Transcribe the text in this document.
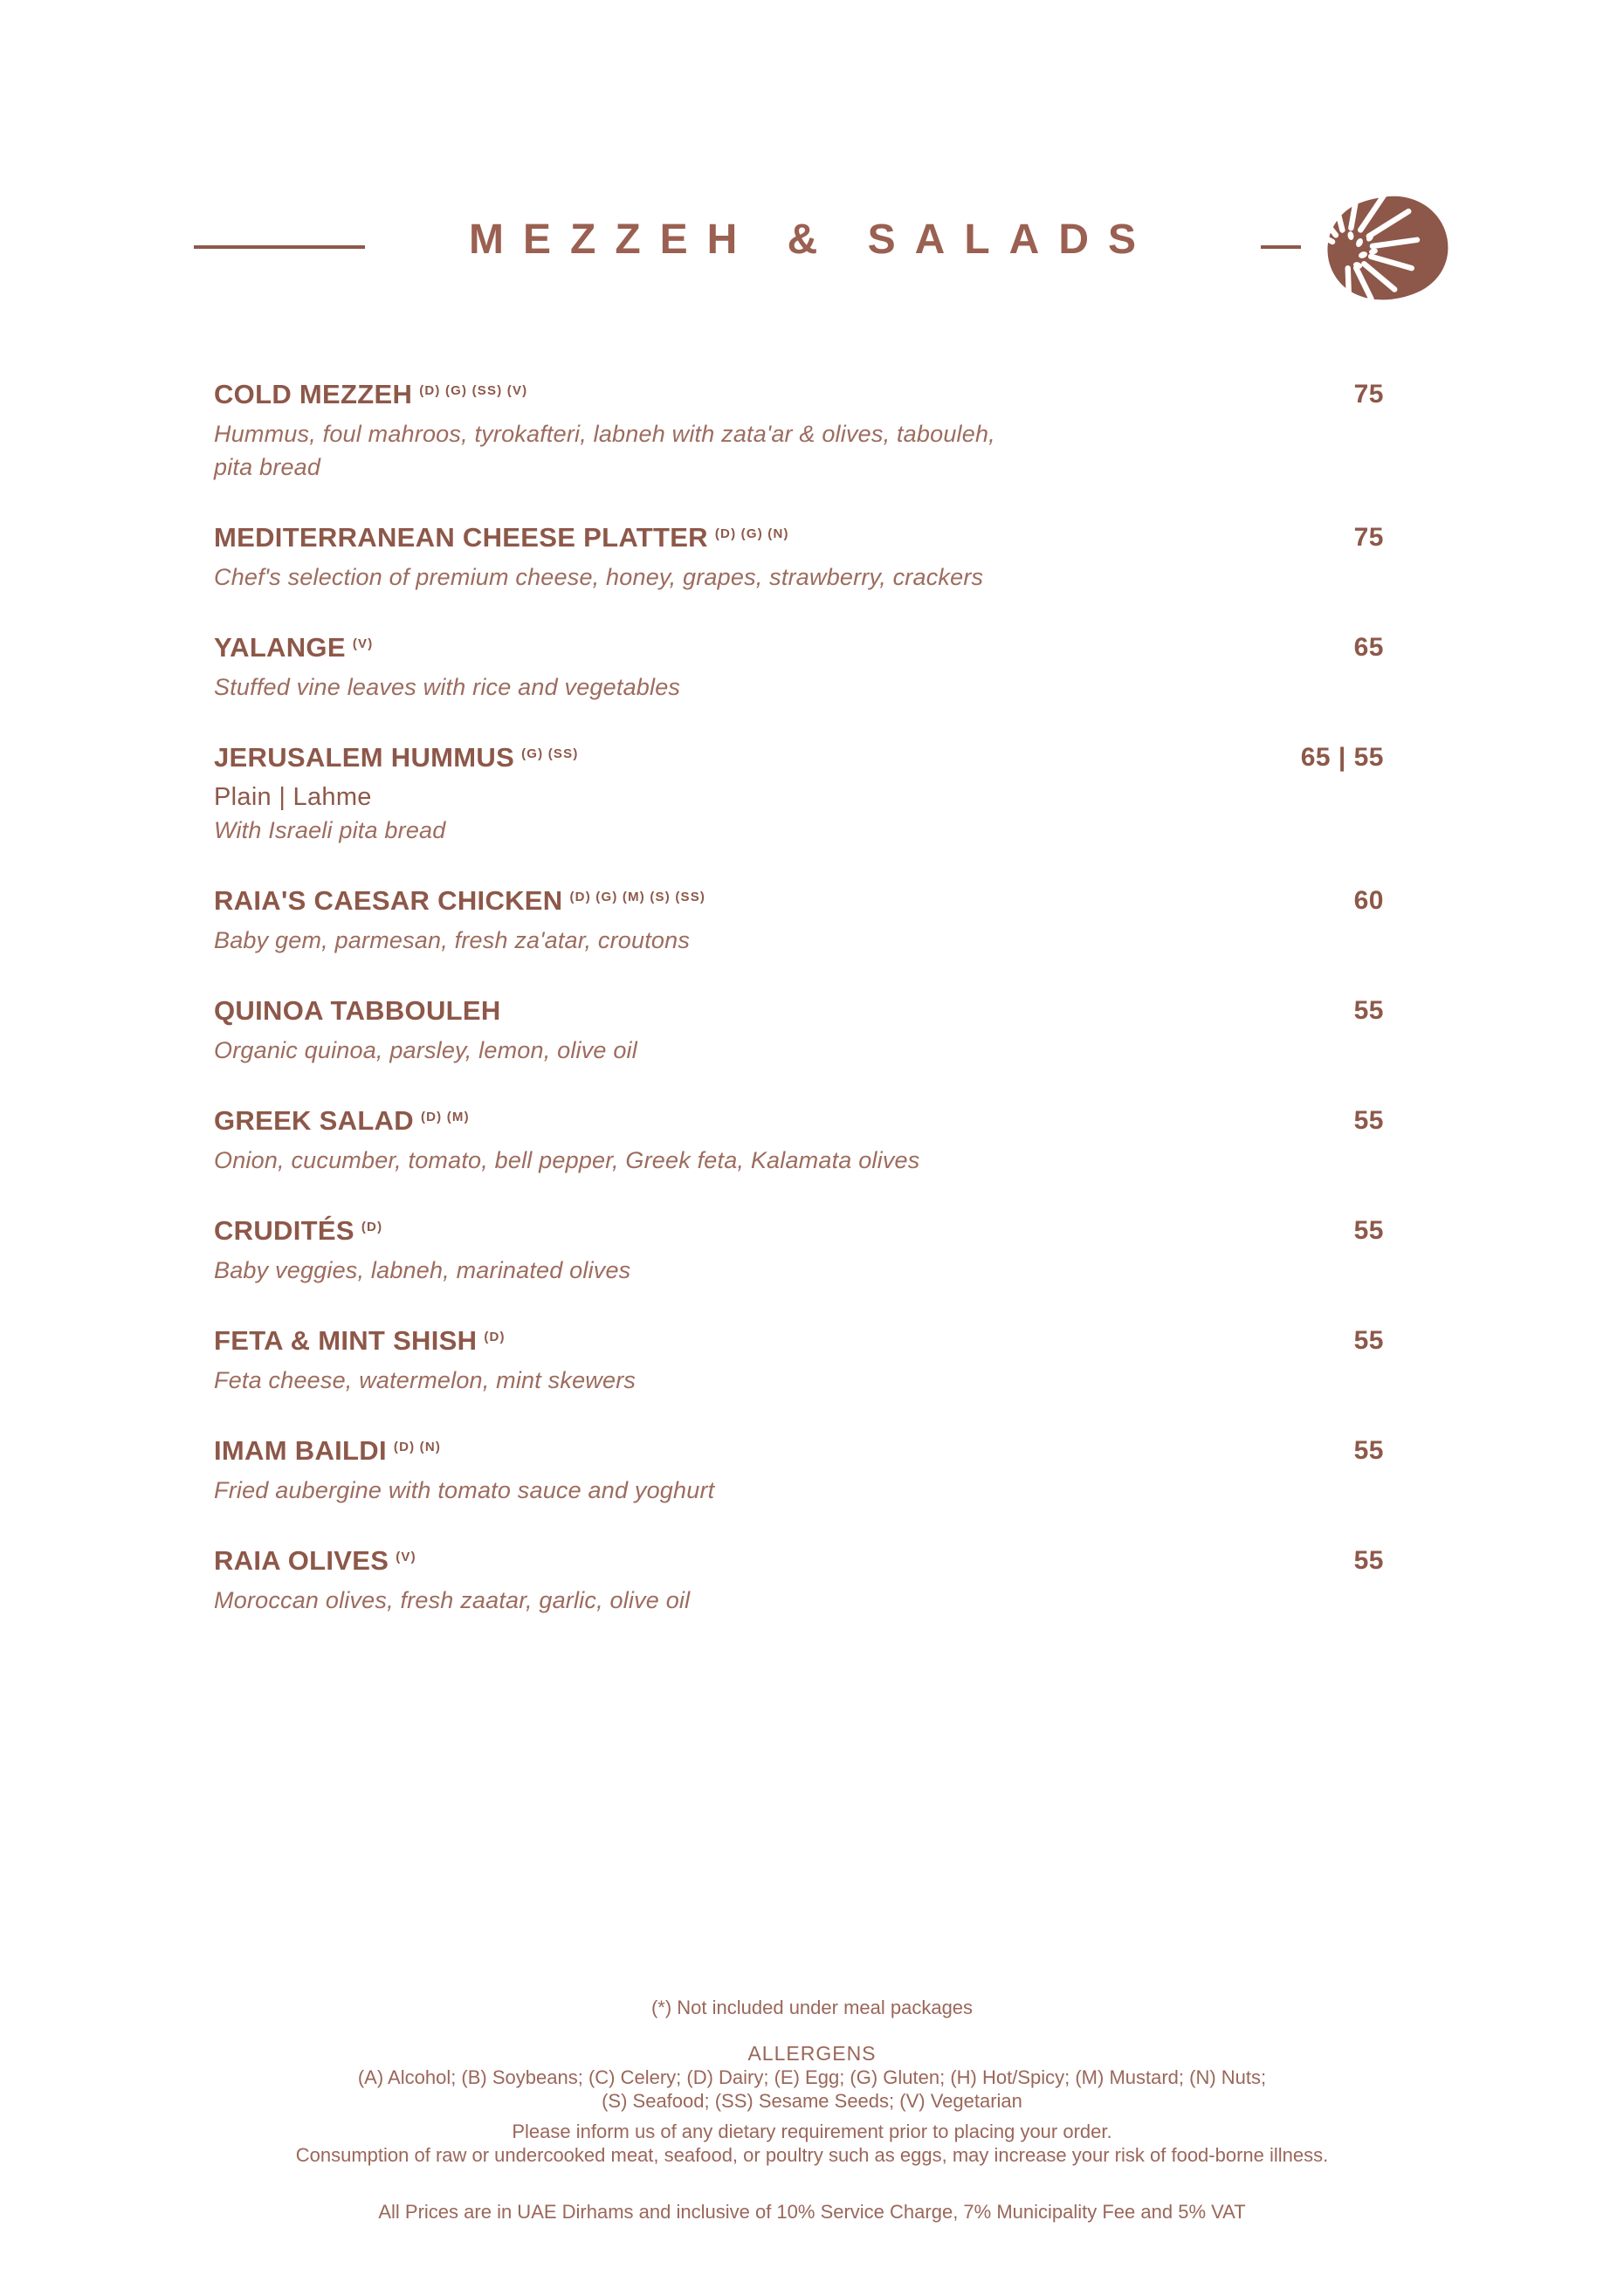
MEZZEH & SALADS
COLD MEZZEH (D) (G) (SS) (V)	75
Hummus, foul mahroos, tyrokafteri, labneh with zata'ar & olives, tabouleh,
pita bread
MEDITERRANEAN CHEESE PLATTER (D) (G) (N)	75
Chef's selection of premium cheese, honey, grapes, strawberry, crackers
YALANGE (V)	65
Stuffed vine leaves with rice and vegetables
JERUSALEM HUMMUS (G) (SS)	65 | 55
Plain | Lahme
With Israeli pita bread
RAIA'S CAESAR CHICKEN (D) (G) (M) (S) (SS)	60
Baby gem, parmesan, fresh za'atar, croutons
QUINOA TABBOULEH	55
Organic quinoa, parsley, lemon, olive oil
GREEK SALAD (D) (M)	55
Onion, cucumber, tomato, bell pepper, Greek feta, Kalamata olives
CRUDITÉS (D)	55
Baby veggies, labneh, marinated olives
FETA & MINT SHISH (D)	55
Feta cheese, watermelon, mint skewers
IMAM BAILDI (D) (N)	55
Fried aubergine with tomato sauce and yoghurt
RAIA OLIVES (V)	55
Moroccan olives, fresh zaatar, garlic, olive oil
(*) Not included under meal packages
ALLERGENS
(A) Alcohol; (B) Soybeans; (C) Celery; (D) Dairy; (E) Egg; (G) Gluten; (H) Hot/Spicy; (M) Mustard; (N) Nuts;
(S) Seafood; (SS) Sesame Seeds; (V) Vegetarian
Please inform us of any dietary requirement prior to placing your order.
Consumption of raw or undercooked meat, seafood, or poultry such as eggs, may increase your risk of food-borne illness.
All Prices are in UAE Dirhams and inclusive of 10% Service Charge, 7% Municipality Fee and 5% VAT
